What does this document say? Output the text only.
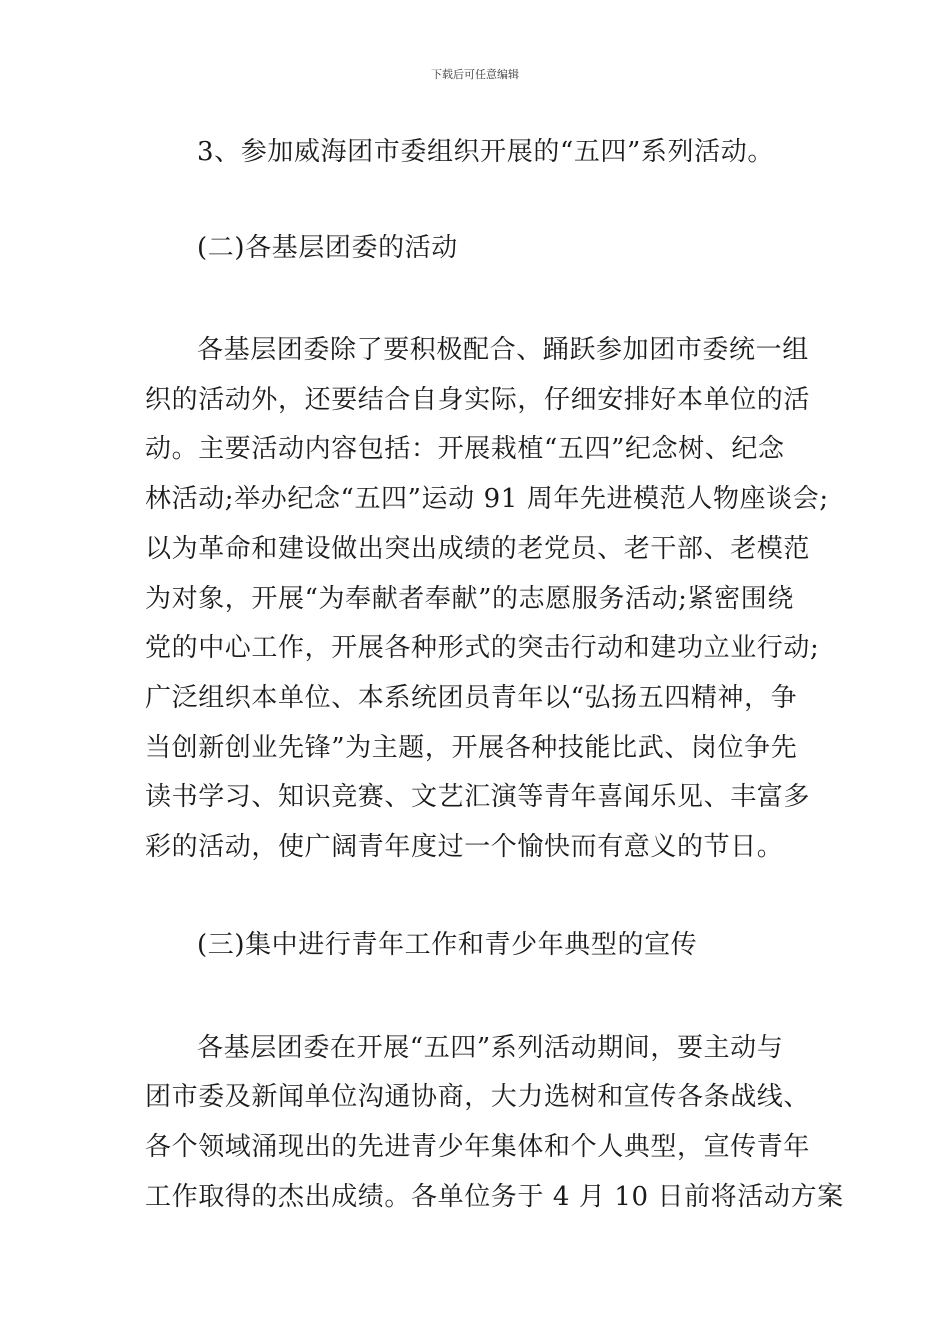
下载后可任意编辑
3、参加威海团市委组织开展的“五四”系列活动。
(二)各基层团委的活动
各基层团委除了要积极配合、踊跃参加团市委统一组
织的活动外，还要结合自身实际，仔细安排好本单位的活
动。主要活动内容包括：开展栽植“五四”纪念树、纪念
林活动;举办纪念“五四”运动 91 周年先进模范人物座谈会;
以为革命和建设做出突出成绩的老党员、老干部、老模范
为对象，开展“为奉献者奉献”的志愿服务活动;紧密围绕
党的中心工作，开展各种形式的突击行动和建功立业行动;
广泛组织本单位、本系统团员青年以“弘扬五四精神，争
当创新创业先锋”为主题，开展各种技能比武、岗位争先
读书学习、知识竞赛、文艺汇演等青年喜闻乐见、丰富多
彩的活动，使广阔青年度过一个愉快而有意义的节日。
(三)集中进行青年工作和青少年典型的宣传
各基层团委在开展“五四”系列活动期间，要主动与
团市委及新闻单位沟通协商，大力选树和宣传各条战线、
各个领域涌现出的先进青少年集体和个人典型，宣传青年
工作取得的杰出成绩。各单位务于 4 月 10 日前将活动方案
